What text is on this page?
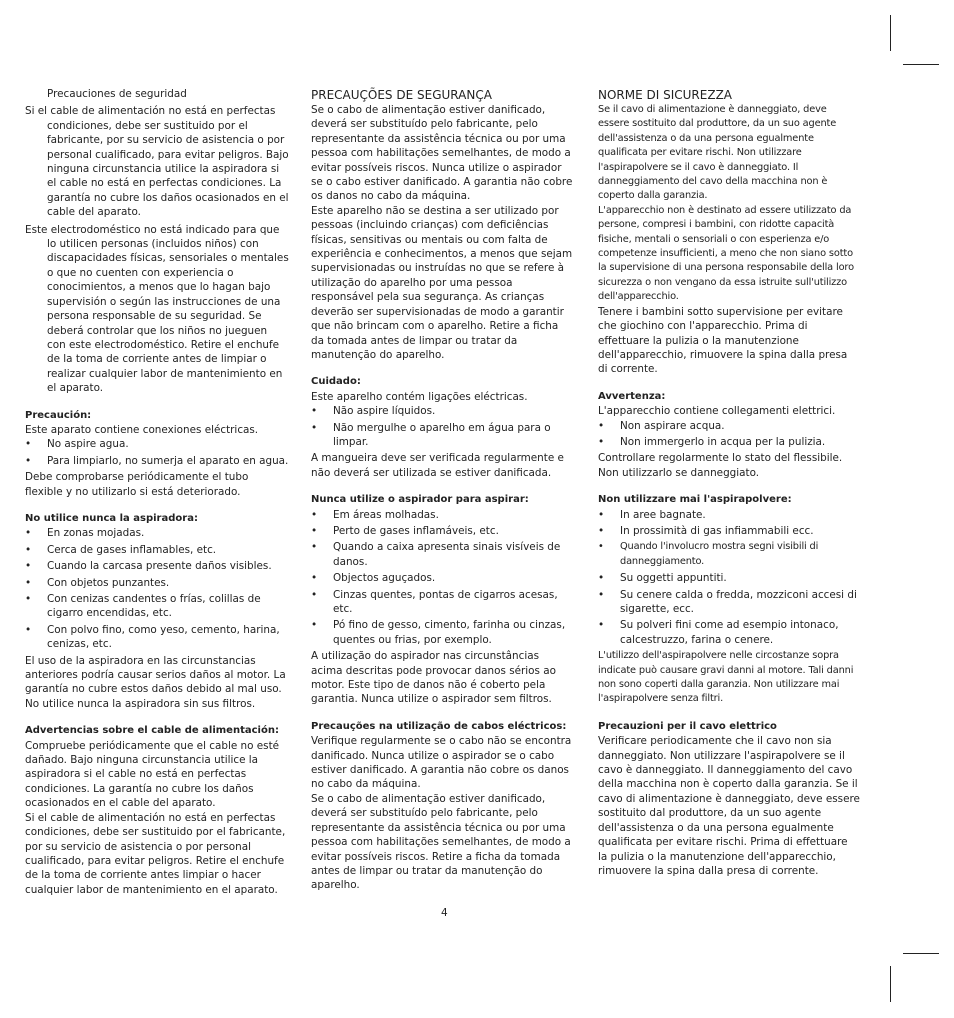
Precauciones de seguridad

Si el cable de alimentación no está en perfectas condiciones, debe ser sustituido por el fabricante, por su servicio de asistencia o por personal cualificado, para evitar peligros. Bajo ninguna circunstancia utilice la aspiradora si el cable no está en perfectas condiciones. La garantía no cubre los daños ocasionados en el cable del aparato.

Este electrodoméstico no está indicado para que lo utilicen personas (incluidos niños) con discapacidades físicas, sensoriales o mentales o que no cuenten con experiencia o conocimientos, a menos que lo hagan bajo supervisión o según las instrucciones de una persona responsable de su seguridad. Se deberá controlar que los niños no jueguen con este electrodoméstico. Retire el enchufe de la toma de corriente antes de limpiar o realizar cualquier labor de mantenimiento en el aparato.

Precaución:

Este aparato contiene conexiones eléctricas.

• No aspire agua.
• Para limpiarlo, no sumerja el aparato en agua.

Debe comprobarse periódicamente el tubo flexible y no utilizarlo si está deteriorado.

No utilice nunca la aspiradora:

• En zonas mojadas.
• Cerca de gases inflamables, etc.
• Cuando la carcasa presente daños visibles.
• Con objetos punzantes.
• Con cenizas candentes o frías, colillas de cigarro encendidas, etc.
• Con polvo fino, como yeso, cemento, harina, cenizas, etc.

El uso de la aspiradora en las circunstancias anteriores podría causar serios daños al motor. La garantía no cubre estos daños debido al mal uso. No utilice nunca la aspiradora sin sus filtros.

Advertencias sobre el cable de alimentación:

Compruebe periódicamente que el cable no esté dañado. Bajo ninguna circunstancia utilice la aspiradora si el cable no está en perfectas condiciones. La garantía no cubre los daños ocasionados en el cable del aparato.

Si el cable de alimentación no está en perfectas condiciones, debe ser sustituido por el fabricante, por su servicio de asistencia o por personal cualificado, para evitar peligros. Retire el enchufe de la toma de corriente antes limpiar o hacer cualquier labor de mantenimiento en el aparato.

PRECAUÇÕES DE SEGURANÇA

Se o cabo de alimentação estiver danificado, deverá ser substituído pelo fabricante, pelo representante da assistência técnica ou por uma pessoa com habilitações semelhantes, de modo a evitar possíveis riscos. Nunca utilize o aspirador se o cabo estiver danificado. A garantia não cobre os danos no cabo da máquina.

Este aparelho não se destina a ser utilizado por pessoas (incluindo crianças) com deficiências físicas, sensitivas ou mentais ou com falta de experiência e conhecimentos, a menos que sejam supervisionadas ou instruídas no que se refere à utilização do aparelho por uma pessoa responsável pela sua segurança. As crianças deverão ser supervisionadas de modo a garantir que não brincam com o aparelho. Retire a ficha da tomada antes de limpar ou tratar da manutenção do aparelho.

Cuidado:

Este aparelho contém ligações eléctricas.

• Não aspire líquidos.
• Não mergulhe o aparelho em água para o limpar.

A mangueira deve ser verificada regularmente e não deverá ser utilizada se estiver danificada.

Nunca utilize o aspirador para aspirar:

• Em áreas molhadas.
• Perto de gases inflamáveis, etc.
• Quando a caixa apresenta sinais visíveis de danos.
• Objectos aguçados.
• Cinzas quentes, pontas de cigarros acesas, etc.
• Pó fino de gesso, cimento, farinha ou cinzas, quentes ou frias, por exemplo.

A utilização do aspirador nas circunstâncias acima descritas pode provocar danos sérios ao motor. Este tipo de danos não é coberto pela garantia. Nunca utilize o aspirador sem filtros.

Precauções na utilização de cabos eléctricos:

Verifique regularmente se o cabo não se encontra danificado. Nunca utilize o aspirador se o cabo estiver danificado. A garantia não cobre os danos no cabo da máquina.

Se o cabo de alimentação estiver danificado, deverá ser substituído pelo fabricante, pelo representante da assistência técnica ou por uma pessoa com habilitações semelhantes, de modo a evitar possíveis riscos. Retire a ficha da tomada antes de limpar ou tratar da manutenção do aparelho.

NORME DI SICUREZZA

Se il cavo di alimentazione è danneggiato, deve essere sostituito dal produttore, da un suo agente dell'assistenza o da una persona egualmente qualificata per evitare rischi. Non utilizzare l'aspirapolvere se il cavo è danneggiato. Il danneggiamento del cavo della macchina non è coperto dalla garanzia.

L'apparecchio non è destinato ad essere utilizzato da persone, compresi i bambini, con ridotte capacità fisiche, mentali o sensoriali o con esperienza e/o competenze insufficienti, a meno che non siano sotto la supervisione di una persona responsabile della loro sicurezza o non vengano da essa istruite sull'utilizzo dell'apparecchio.

Tenere i bambini sotto supervisione per evitare che giochino con l'apparecchio. Prima di effettuare la pulizia o la manutenzione dell'apparecchio, rimuovere la spina dalla presa di corrente.

Avvertenza:

L'apparecchio contiene collegamenti elettrici.

• Non aspirare acqua.
• Non immergerlo in acqua per la pulizia.

Controllare regolarmente lo stato del flessibile. Non utilizzarlo se danneggiato.

Non utilizzare mai l'aspirapolvere:

• In aree bagnate.
• In prossimità di gas infiammabili ecc.
• Quando l'involucro mostra segni visibili di danneggiamento.
• Su oggetti appuntiti.
• Su cenere calda o fredda, mozziconi accesi di sigarette, ecc.
• Su polveri fini come ad esempio intonaco, calcestruzzo, farina o cenere.

L'utilizzo dell'aspirapolvere nelle circostanze sopra indicate può causare gravi danni al motore. Tali danni non sono coperti dalla garanzia. Non utilizzare mai l'aspirapolvere senza filtri.

Precauzioni per il cavo elettrico

Verificare periodicamente che il cavo non sia danneggiato. Non utilizzare l'aspirapolvere se il cavo è danneggiato. Il danneggiamento del cavo della macchina non è coperto dalla garanzia. Se il cavo di alimentazione è danneggiato, deve essere sostituito dal produttore, da un suo agente dell'assistenza o da una persona egualmente qualificata per evitare rischi. Prima di effettuare la pulizia o la manutenzione dell'apparecchio, rimuovere la spina dalla presa di corrente.

4
